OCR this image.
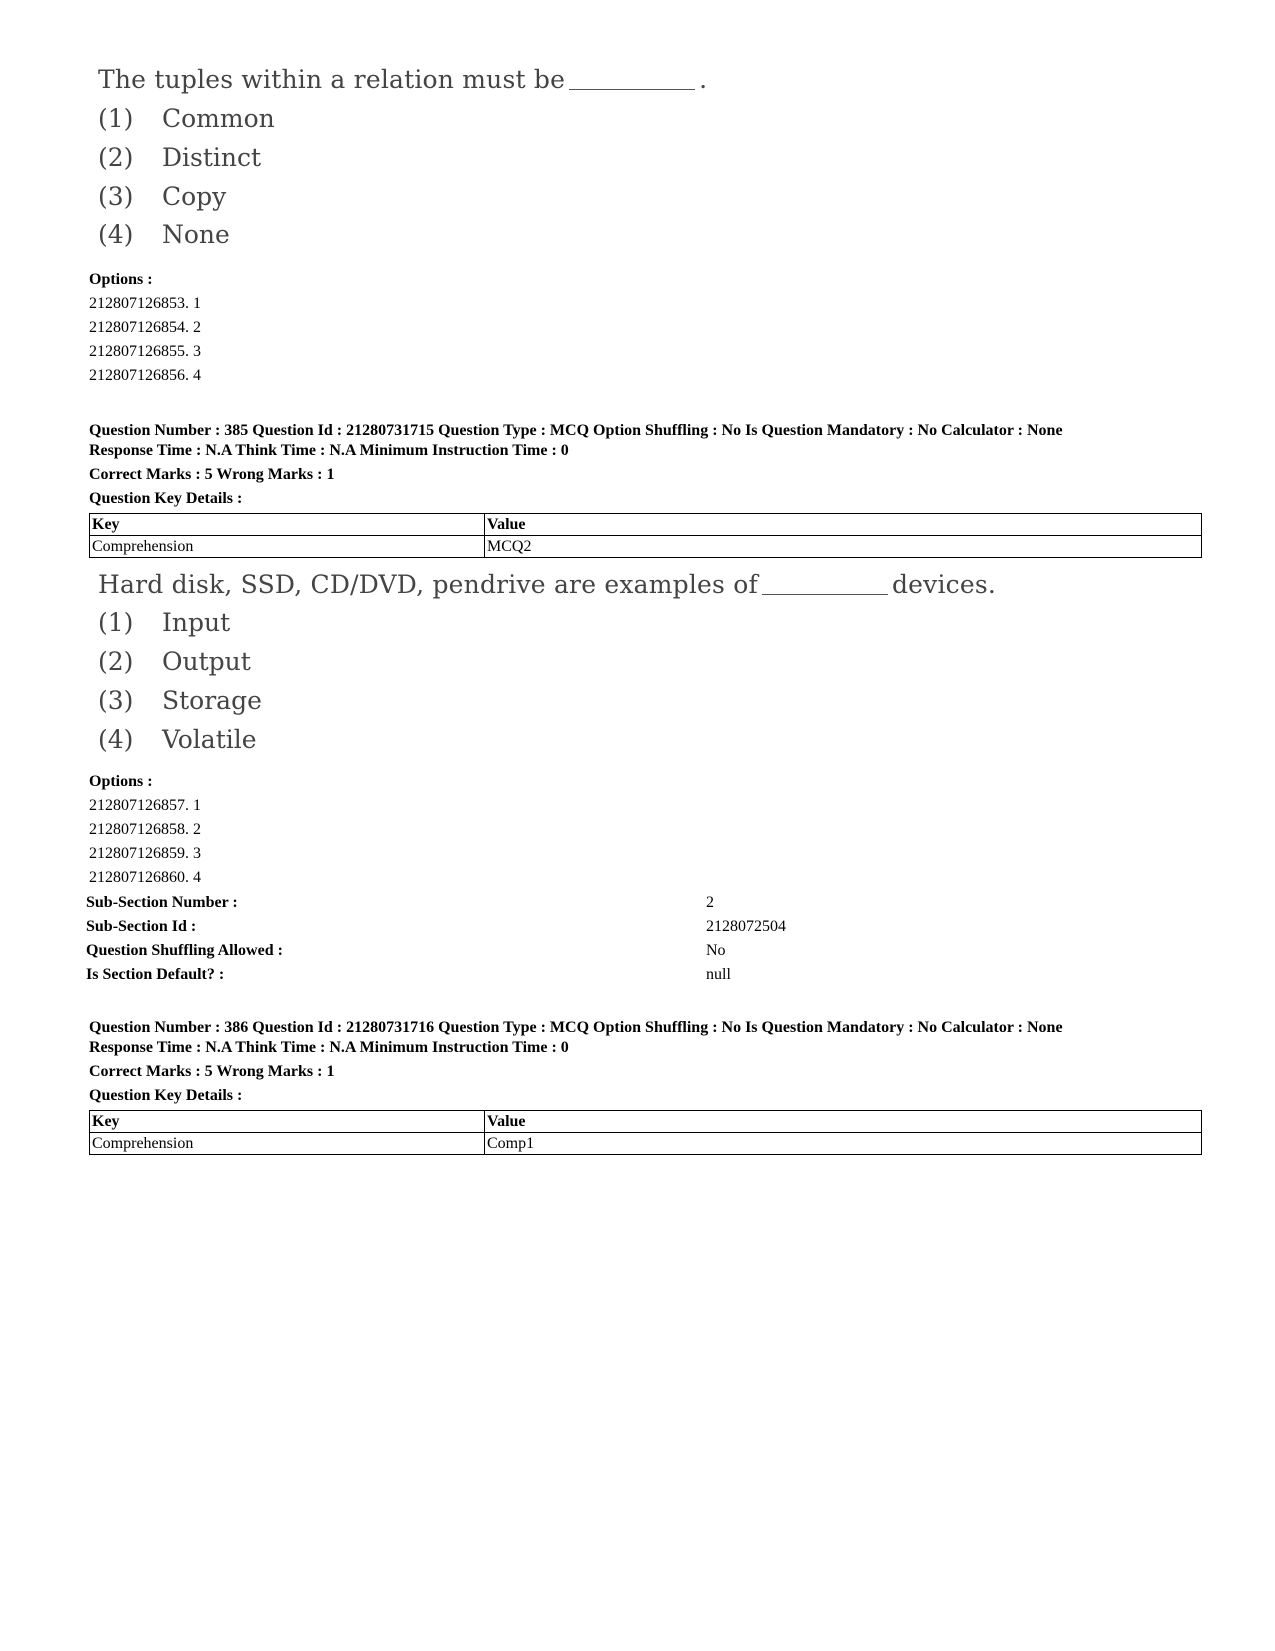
The tuples within a relation must be	.
(1) Common
(2) Distinct
(3) Copy
(4) None
Options :
212807126853. 1
212807126854. 2
212807126855. 3
212807126856. 4
Question Number : 385 Question Id : 21280731715 Question Type : MCQ Option Shuffling : No Is Question Mandatory : No Calculator : None
Response Time : N.A Think Time : N.A Minimum Instruction Time : 0
Correct Marks : 5 Wrong Marks : 1
Question Key Details :
Key	Value
Comprehension	MCQ2
Hard disk, SSD, CD/DVD, pendrive are examples of	devices.
(1) Input
(2) Output
(3) Storage
(4) Volatile
Options :
212807126857. 1
212807126858. 2
212807126859. 3
212807126860. 4
Sub-Section Number :	2
Sub-Section Id :	2128072504
Question Shuffling Allowed :	No
Is Section Default? :	null
Question Number : 386 Question Id : 21280731716 Question Type : MCQ Option Shuffling : No Is Question Mandatory : No Calculator : None
Response Time : N.A Think Time : N.A Minimum Instruction Time : 0
Correct Marks : 5 Wrong Marks : 1
Question Key Details :
Key	Value
Comprehension	Comp1
